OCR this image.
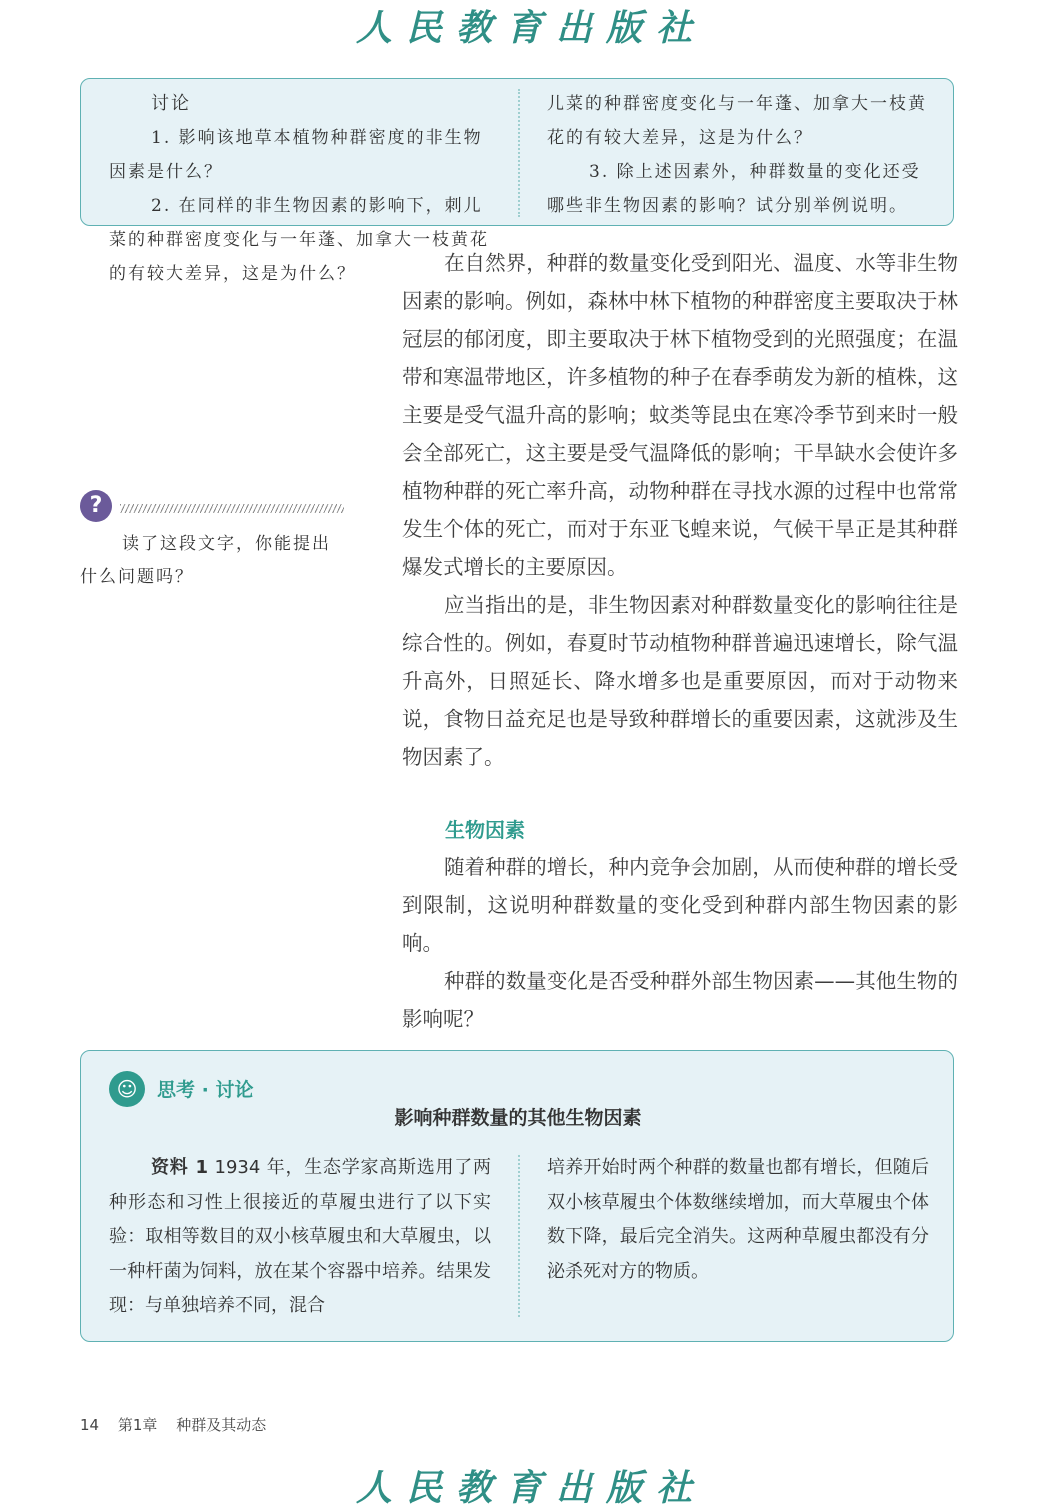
人民教育出版社
讨论
1. 影响该地草本植物种群密度的非生物因素是什么？
2. 在同样的非生物因素的影响下，刺儿菜的种群密度变化与一年蓬、加拿大一枝黄花的有较大差异，这是为什么？
儿菜的种群密度变化与一年蓬、加拿大一枝黄花的有较大差异，这是为什么？
3. 除上述因素外，种群数量的变化还受哪些非生物因素的影响？试分别举例说明。

在自然界，种群的数量变化受到阳光、温度、水等非生物因素的影响。例如，森林中林下植物的种群密度主要取决于林冠层的郁闭度，即主要取决于林下植物受到的光照强度；在温带和寒温带地区，许多植物的种子在春季萌发为新的植株，这主要是受气温升高的影响；蚊类等昆虫在寒冷季节到来时一般会全部死亡，这主要是受气温降低的影响；干旱缺水会使许多植物种群的死亡率升高，动物种群在寻找水源的过程中也常常发生个体的死亡，而对于东亚飞蝗来说，气候干旱正是其种群爆发式增长的主要原因。

应当指出的是，非生物因素对种群数量变化的影响往往是综合性的。例如，春夏时节动植物种群普遍迅速增长，除气温升高外，日照延长、降水增多也是重要原因，而对于动物来说，食物日益充足也是导致种群增长的重要因素，这就涉及生物因素了。

?
读了这段文字，你能提出什么问题吗？
生物因素

随着种群的增长，种内竞争会加剧，从而使种群的增长受到限制，这说明种群数量的变化受到种群内部生物因素的影响。

种群的数量变化是否受种群外部生物因素——其他生物的影响呢？

☺	思考 · 讨论
影响种群数量的其他生物因素
资料 1 1934 年，生态学家高斯选用了两种形态和习性上很接近的草履虫进行了以下实验：取相等数目的双小核草履虫和大草履虫，以一种杆菌为饲料，放在某个容器中培养。结果发现：与单独培养不同，混合
培养开始时两个种群的数量也都有增长，但随后双小核草履虫个体数继续增加，而大草履虫个体数下降，最后完全消失。这两种草履虫都没有分泌杀死对方的物质。
14 第1章 种群及其动态
人民教育出版社
